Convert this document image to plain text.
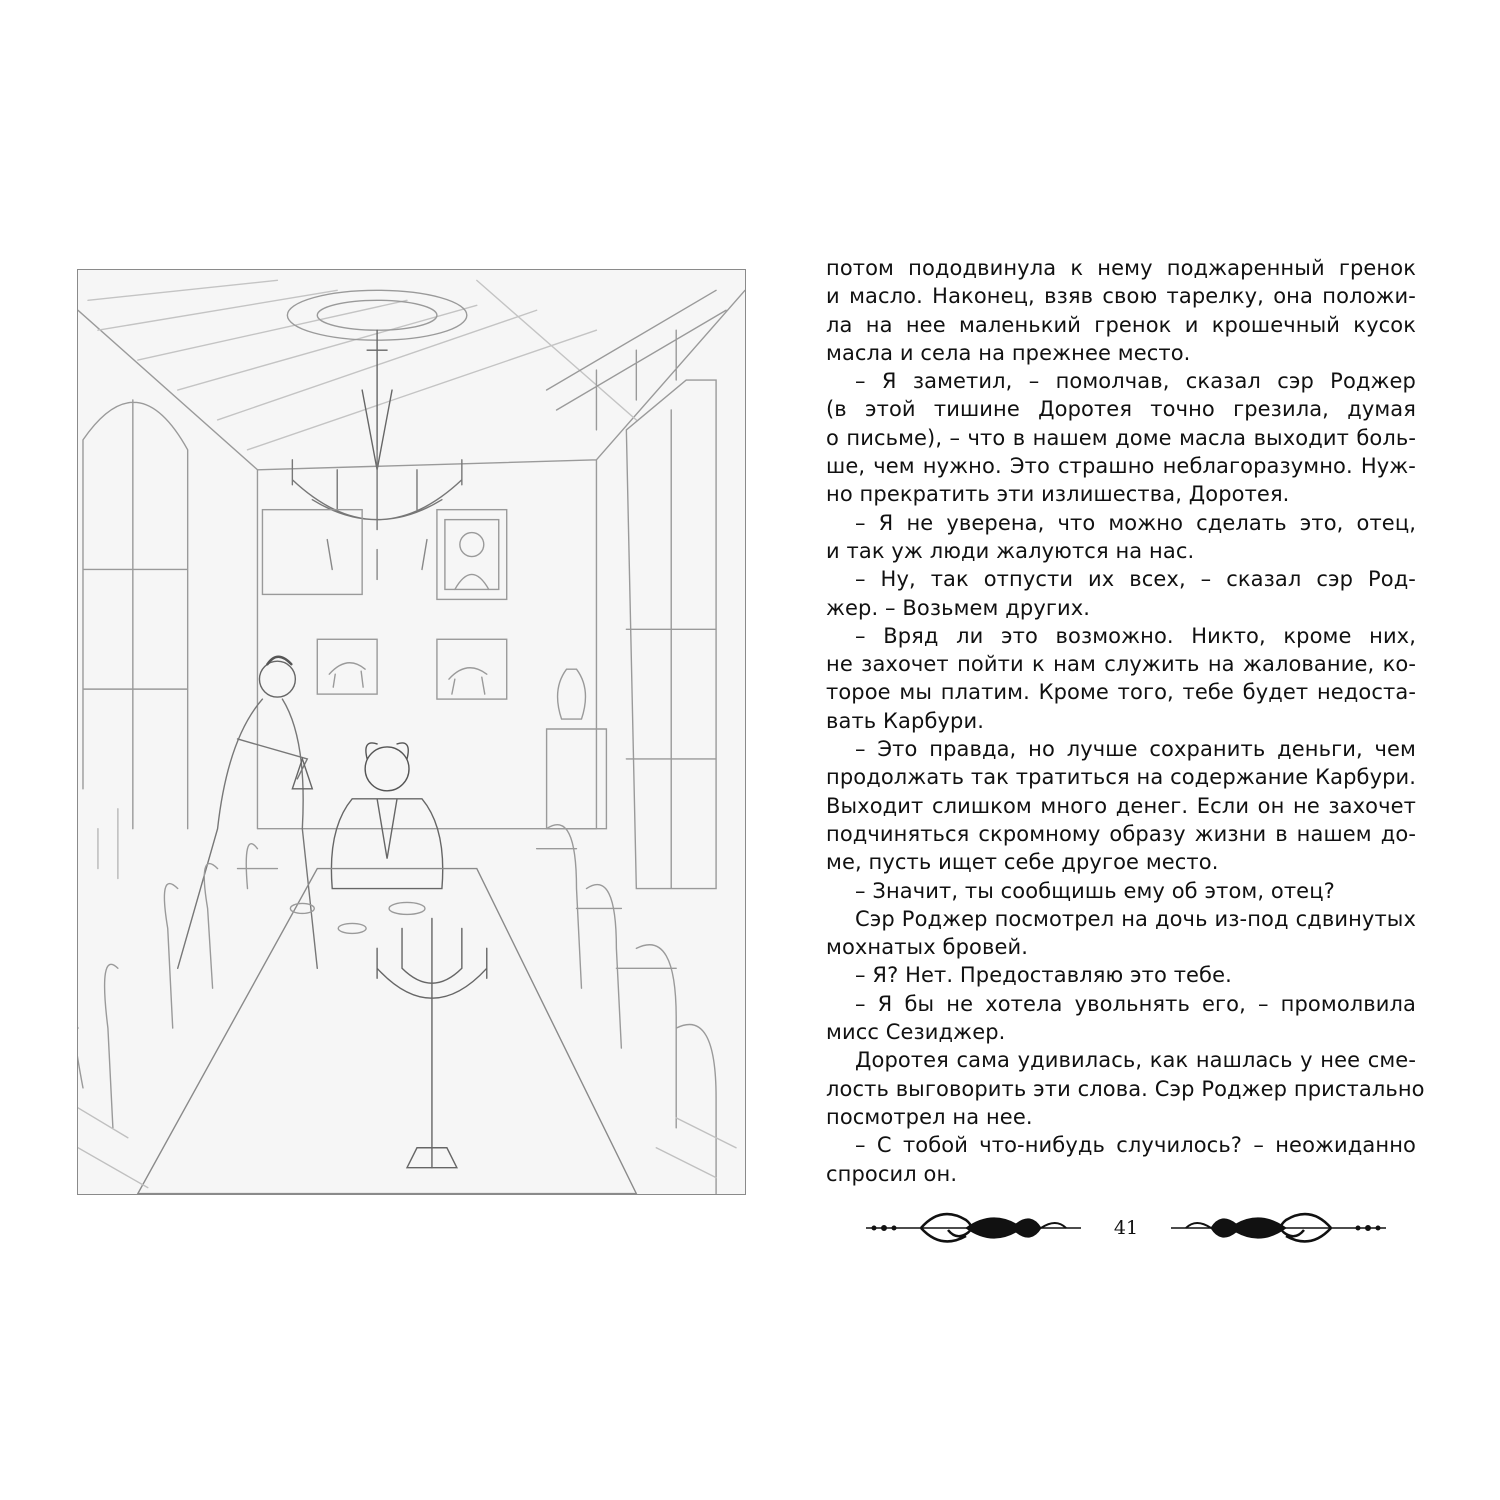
потом пододвинула к нему поджаренный гренок
и масло. Наконец, взяв свою тарелку, она положи-
ла на нее маленький гренок и крошечный кусок
масла и села на прежнее место.
– Я заметил, – помолчав, сказал сэр Роджер
(в этой тишине Доротея точно грезила, думая
о письме), – что в нашем доме масла выходит боль-
ше, чем нужно. Это страшно неблагоразумно. Нуж-
но прекратить эти излишества, Доротея.
– Я не уверена, что можно сделать это, отец,
и так уж люди жалуются на нас.
– Ну, так отпусти их всех, – сказал сэр Род-
жер. – Возьмем других.
– Вряд ли это возможно. Никто, кроме них,
не захочет пойти к нам служить на жалование, ко-
торое мы платим. Кроме того, тебе будет недоста-
вать Карбури.
– Это правда, но лучше сохранить деньги, чем
продолжать так тратиться на содержание Карбури.
Выходит слишком много денег. Если он не захочет
подчиняться скромному образу жизни в нашем до-
ме, пусть ищет себе другое место.
– Значит, ты сообщишь ему об этом, отец?
Сэр Роджер посмотрел на дочь из-под сдвинутых
мохнатых бровей.
– Я? Нет. Предоставляю это тебе.
– Я бы не хотела увольнять его, – промолвила
мисс Сезиджер.
Доротея сама удивилась, как нашлась у нее сме-
лость выговорить эти слова. Сэр Роджер пристально
посмотрел на нее.
– С тобой что-нибудь случилось? – неожиданно
спросил он.
41
